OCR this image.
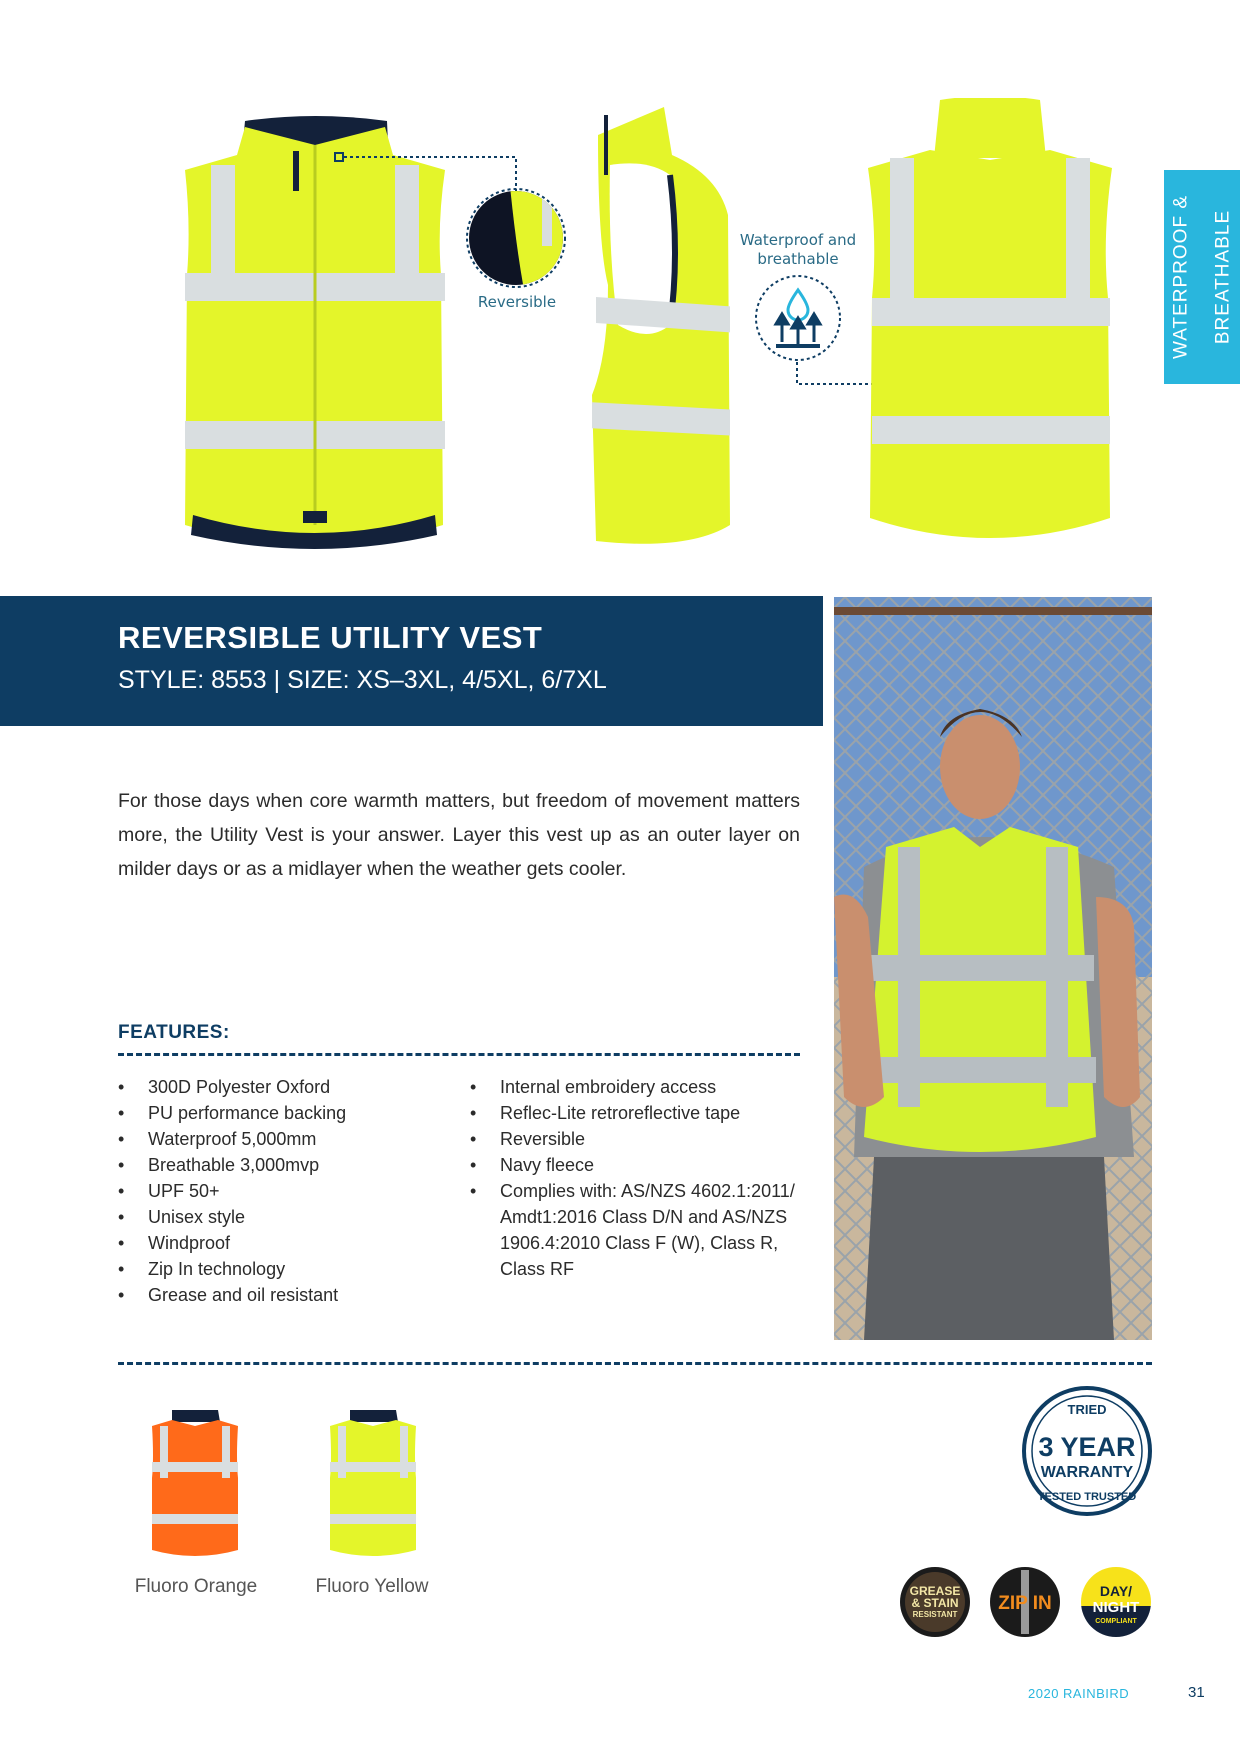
Reversible
Waterproof and
breathable	WATERPROOF & BREATHABLE
REVERSIBLE UTILITY VEST
STYLE: 8553 | SIZE: XS–3XL, 4/5XL, 6/7XL
For those days when core warmth matters, but freedom of movement matters more, the Utility Vest is your answer. Layer this vest up as an outer layer on milder days or as a midlayer when the weather gets cooler.
FEATURES:
• 300D Polyester Oxford
• PU performance backing
• Waterproof 5,000mm
• Breathable 3,000mvp
• UPF 50+
• Unisex style
• Windproof
• Zip In technology
• Grease and oil resistant
• Internal embroidery access
• Reflec-Lite retroreflective tape
• Reversible
• Navy fleece
• Complies with: AS/NZS 4602.1:2011/ Amdt1:2016 Class D/N and AS/NZS 1906.4:2010 Class F (W), Class R, Class RF
Fluoro Orange	Fluoro Yellow
TRIED
3 YEAR
WARRANTY
TESTED TRUSTED
GREASE
& STAIN
RESISTANT
ZIP IN
DAY/
NIGHT
COMPLIANT
2020 RAINBIRD	31
